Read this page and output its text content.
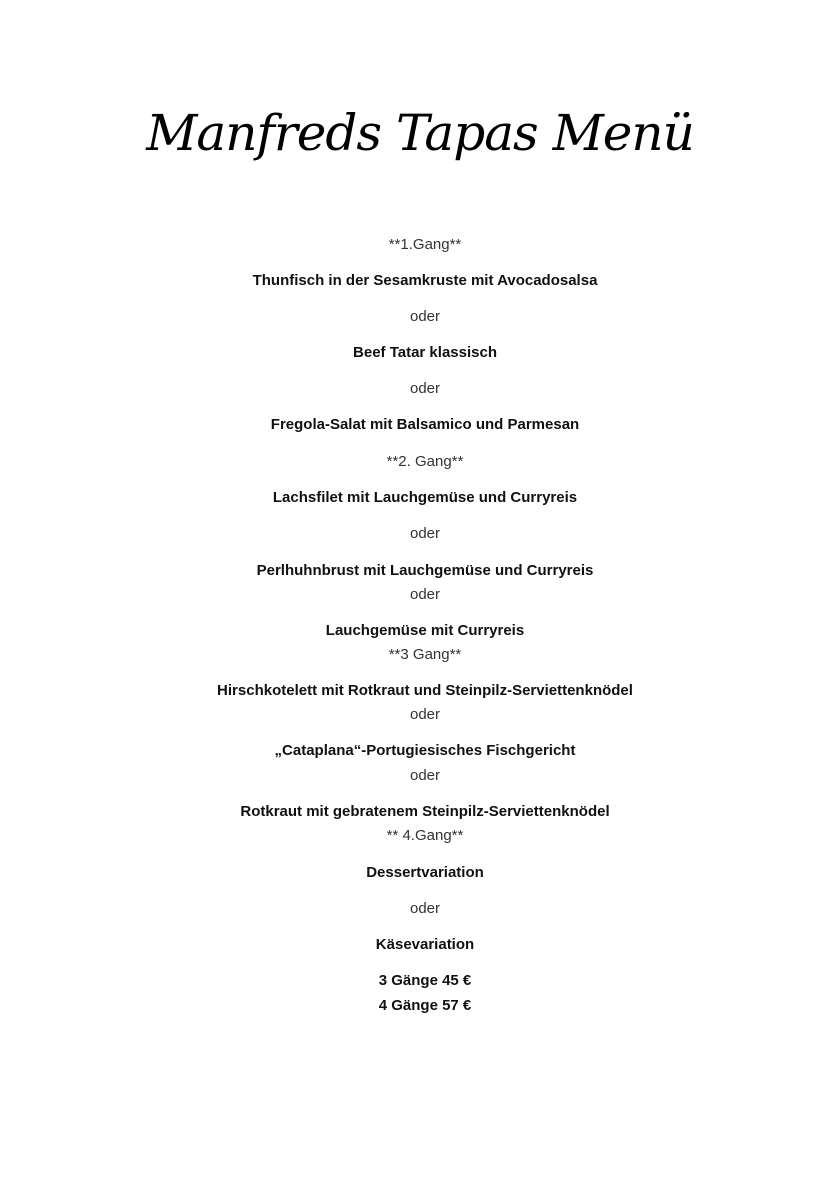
Manfreds Tapas Menü
**1.Gang**
Thunfisch in der Sesamkruste mit Avocadosalsa
oder
Beef Tatar klassisch
oder
Fregola-Salat mit Balsamico und Parmesan
**2. Gang**
Lachsfilet mit Lauchgemüse und Curryreis
oder
Perlhuhnbrust mit Lauchgemüse und Curryreis
oder
Lauchgemüse mit Curryreis
**3 Gang**
Hirschkotelett mit Rotkraut und Steinpilz-Serviettenknödel
oder
„Cataplana“-Portugiesisches Fischgericht
oder
Rotkraut mit gebratenem Steinpilz-Serviettenknödel
** 4.Gang**
Dessertvariation
oder
Käsevariation
3 Gänge 45 €
4 Gänge 57 €
